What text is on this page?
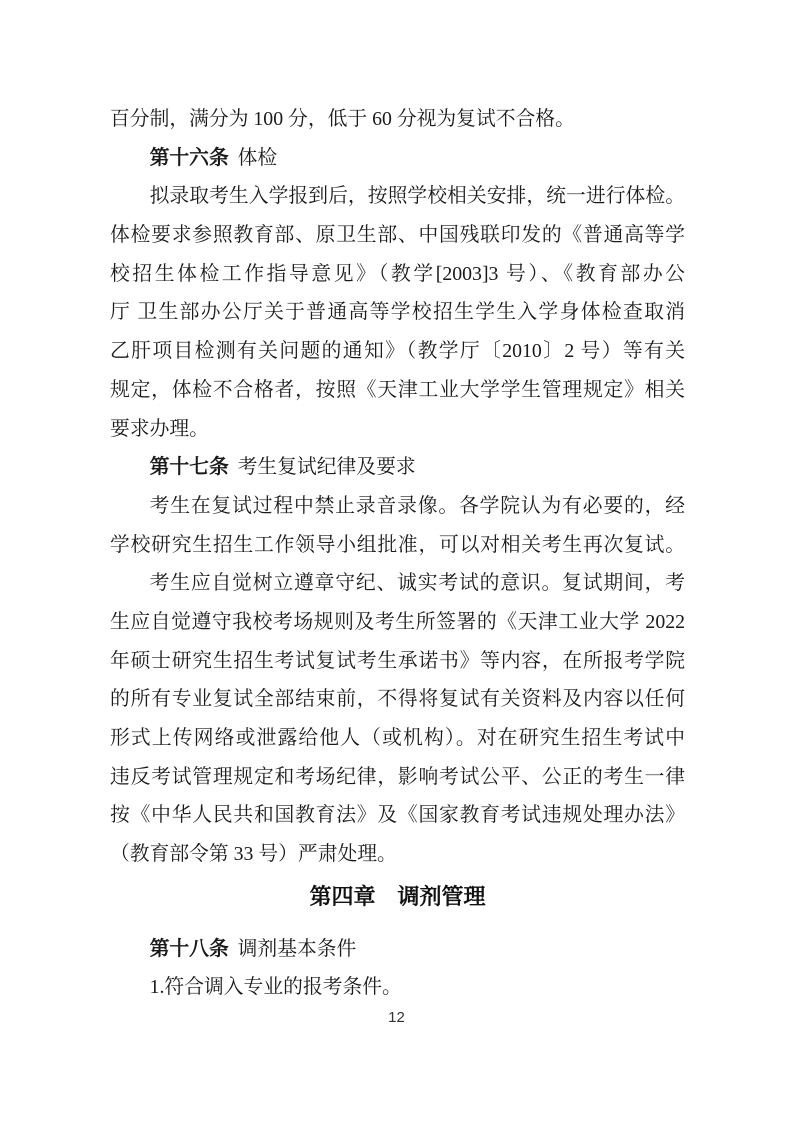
百分制，满分为 100 分，低于 60 分视为复试不合格。
第十六条 体检
拟录取考生入学报到后，按照学校相关安排，统一进行体检。
体检要求参照教育部、原卫生部、中国残联印发的《普通高等学
校招生体检工作指导意见》（教学[2003]3 号）、《教育部办公
厅 卫生部办公厅关于普通高等学校招生学生入学身体检查取消
乙肝项目检测有关问题的通知》（教学厅〔2010〕2 号）等有关
规定，体检不合格者，按照《天津工业大学学生管理规定》相关
要求办理。
第十七条 考生复试纪律及要求
考生在复试过程中禁止录音录像。各学院认为有必要的，经
学校研究生招生工作领导小组批准，可以对相关考生再次复试。
考生应自觉树立遵章守纪、诚实考试的意识。复试期间，考
生应自觉遵守我校考场规则及考生所签署的《天津工业大学 2022
年硕士研究生招生考试复试考生承诺书》等内容，在所报考学院
的所有专业复试全部结束前，不得将复试有关资料及内容以任何
形式上传网络或泄露给他人（或机构）。对在研究生招生考试中
违反考试管理规定和考场纪律，影响考试公平、公正的考生一律
按《中华人民共和国教育法》及《国家教育考试违规处理办法》
（教育部令第 33 号）严肃处理。
第四章　调剂管理
第十八条 调剂基本条件
1.符合调入专业的报考条件。
12
